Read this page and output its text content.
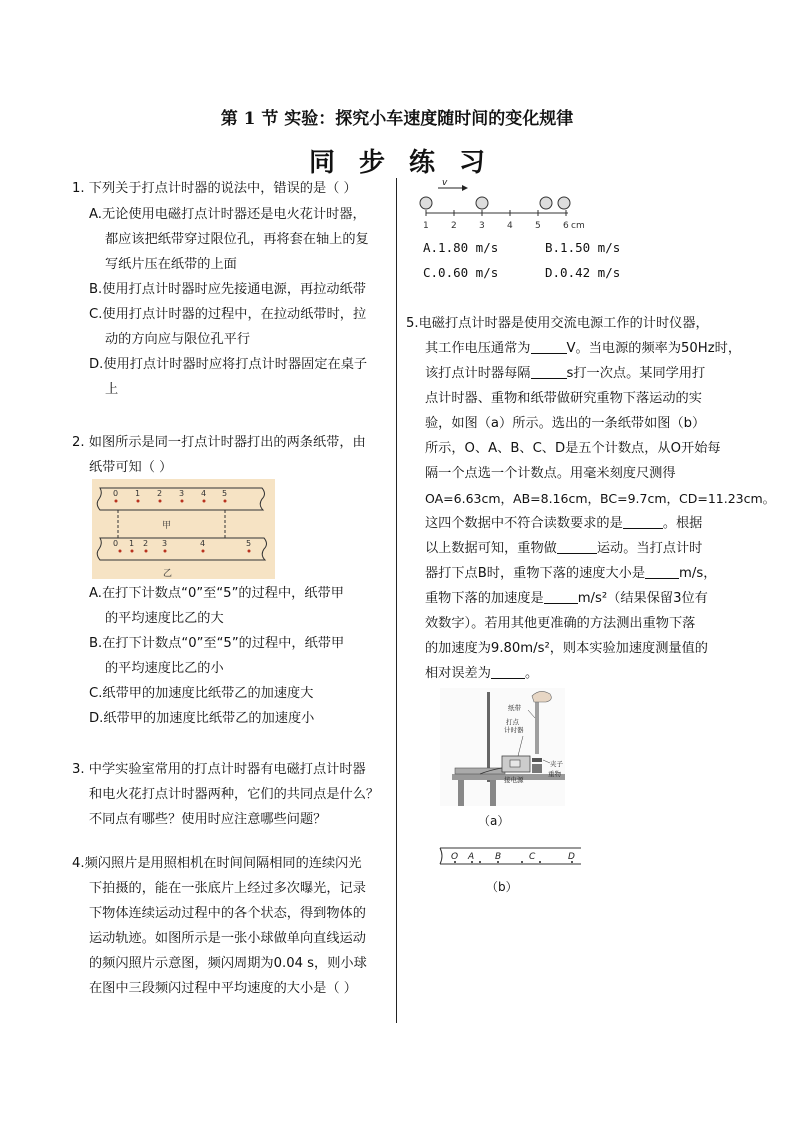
第 1 节 实验：探究小车速度随时间的变化规律
同步练习
1. 下列关于打点计时器的说法中，错误的是（ ）
A.无论使用电磁打点计时器还是电火花计时器，
都应该把纸带穿过限位孔，再将套在轴上的复
写纸片压在纸带的上面
B.使用打点计时器时应先接通电源，再拉动纸带
C.使用打点计时器的过程中，在拉动纸带时，拉
动的方向应与限位孔平行
D.使用打点计时器时应将打点计时器固定在桌子
上
2. 如图所示是同一打点计时器打出的两条纸带，由
纸带可知（ ）
0 1 2 3 4 5
0 1 2 3	4	5
甲
乙
A.在打下计数点“0”至“5”的过程中，纸带甲
的平均速度比乙的大
B.在打下计数点“0”至“5”的过程中，纸带甲
的平均速度比乙的小
C.纸带甲的加速度比纸带乙的加速度大
D.纸带甲的加速度比纸带乙的加速度小
3. 中学实验室常用的打点计时器有电磁打点计时器
和电火花打点计时器两种，它们的共同点是什么？
不同点有哪些？使用时应注意哪些问题？
4.频闪照片是用照相机在时间间隔相同的连续闪光
下拍摄的，能在一张底片上经过多次曝光，记录
下物体连续运动过程中的各个状态，得到物体的
运动轨迹。如图所示是一张小球做单向直线运动
的频闪照片示意图，频闪周期为0.04 s，则小球
在图中三段频闪过程中平均速度的大小是（ ）
v
1 2 3 4 5 6 cm
A.1.80 m/s	B.1.50 m/s
C.0.60 m/s	D.0.42 m/s
5.电磁打点计时器是使用交流电源工作的计时仪器，
其工作电压通常为	V。当电源的频率为50Hz时，
该打点计时器每隔	s打一次点。某同学用打
点计时器、重物和纸带做研究重物下落运动的实
验，如图（a）所示。选出的一条纸带如图（b）
所示，O、A、B、C、D是五个计数点，从O开始每
隔一个点选一个计数点。用毫米刻度尺测得
OA=6.63cm，AB=8.16cm，BC=9.7cm，CD=11.23cm。
这四个数据中不符合读数要求的是	。根据
以上数据可知，重物做	运动。当打点计时
器打下点B时，重物下落的速度大小是	m/s，
重物下落的加速度是	m/s²（结果保留3位有
效数字）。若用其他更准确的方法测出重物下落
的加速度为9.80m/s²，则本实验加速度测量值的
相对误差为	。
纸带
打点
计时器
夹子
重物
接电源
（a）
O A B	C	D
（b）
